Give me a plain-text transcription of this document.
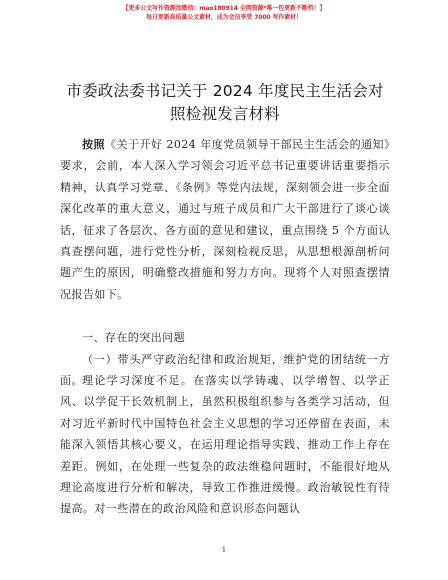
【更多公文写作资源加微信：mao180914 全网资源*唯一包更新不断档！】
每日更新高质量公文素材，成为会员享受 7000 写作素材！
市委政法委书记关于 2024 年度民主生活会对照检视发言材料

按照《关于开好 2024 年度党员领导干部民主生活会的通知》要求，会前，本人深入学习领会习近平总书记重要讲话重要指示精神，认真学习党章、《条例》等党内法规，深刻领会进一步全面深化改革的重大意义，通过与班子成员和广大干部进行了谈心谈话，征求了各层次、各方面的意见和建议，重点围绕 5 个方面认真查摆问题，进行党性分析，深刻检视反思，从思想根源剖析问题产生的原因，明确整改措施和努力方向。现将个人对照查摆情况报告如下。

一、存在的突出问题

（一）带头严守政治纪律和政治规矩，维护党的团结统一方面。 理论学习深度不足。在落实以学铸魂、以学增智、以学正风、以学促干长效机制上，虽然积极组织参与各类学习活动，但对习近平新时代中国特色社会主义思想的学习还停留在表面，未能深入领悟其核心要义，在运用理论指导实践、推动工作上存在差距。例如，在处理一些复杂的政法维稳问题时，不能很好地从理论高度进行分析和解决，导致工作推进缓慢。政治敏锐性有待提高。对一些潜在的政治风险和意识形态问题认

1
